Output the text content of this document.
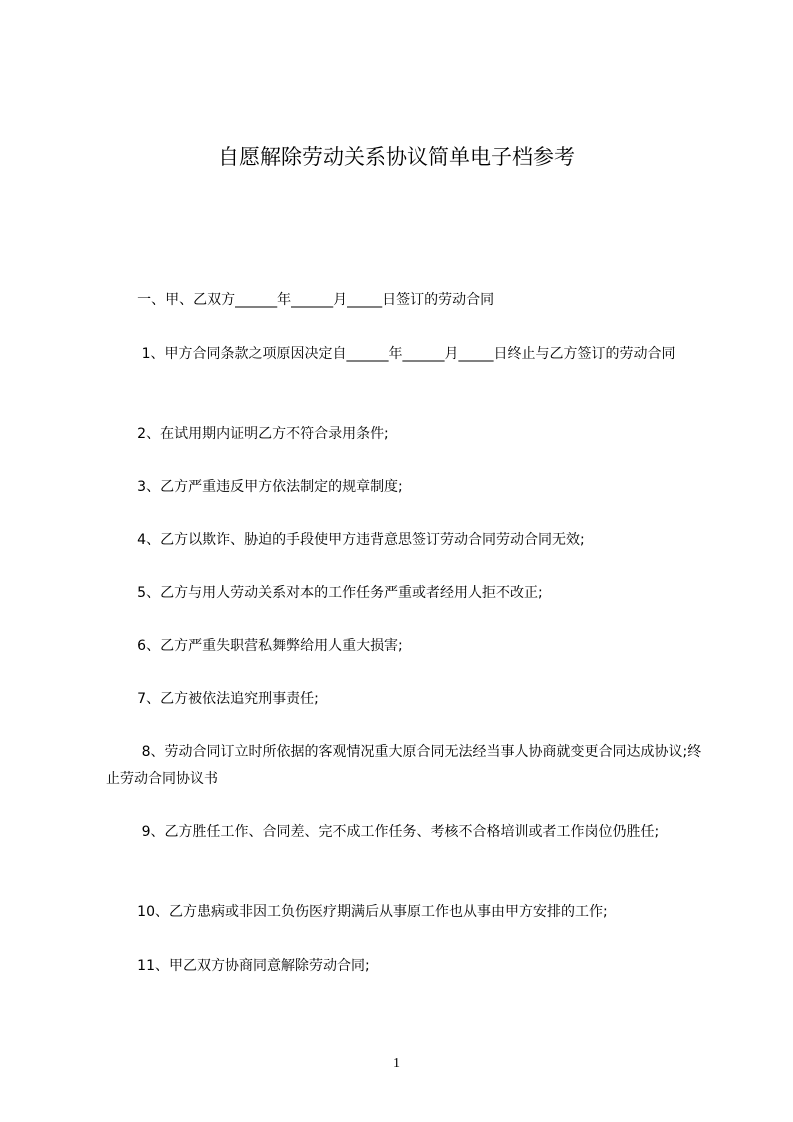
自愿解除劳动关系协议简单电子档参考
一、甲、乙双方______年______月_____日签订的劳动合同
1、甲方合同条款之项原因决定自______年______月_____日终止与乙方签订的劳动合同
2、在试用期内证明乙方不符合录用条件;
3、乙方严重违反甲方依法制定的规章制度;
4、乙方以欺诈、胁迫的手段使甲方违背意思签订劳动合同劳动合同无效;
5、乙方与用人劳动关系对本的工作任务严重或者经用人拒不改正;
6、乙方严重失职营私舞弊给用人重大损害;
7、乙方被依法追究刑事责任;
8、劳动合同订立时所依据的客观情况重大原合同无法经当事人协商就变更合同达成协议;终止劳动合同协议书
9、乙方胜任工作、合同差、完不成工作任务、考核不合格培训或者工作岗位仍胜任;
10、乙方患病或非因工负伤医疗期满后从事原工作也从事由甲方安排的工作;
11、甲乙双方协商同意解除劳动合同;
1
